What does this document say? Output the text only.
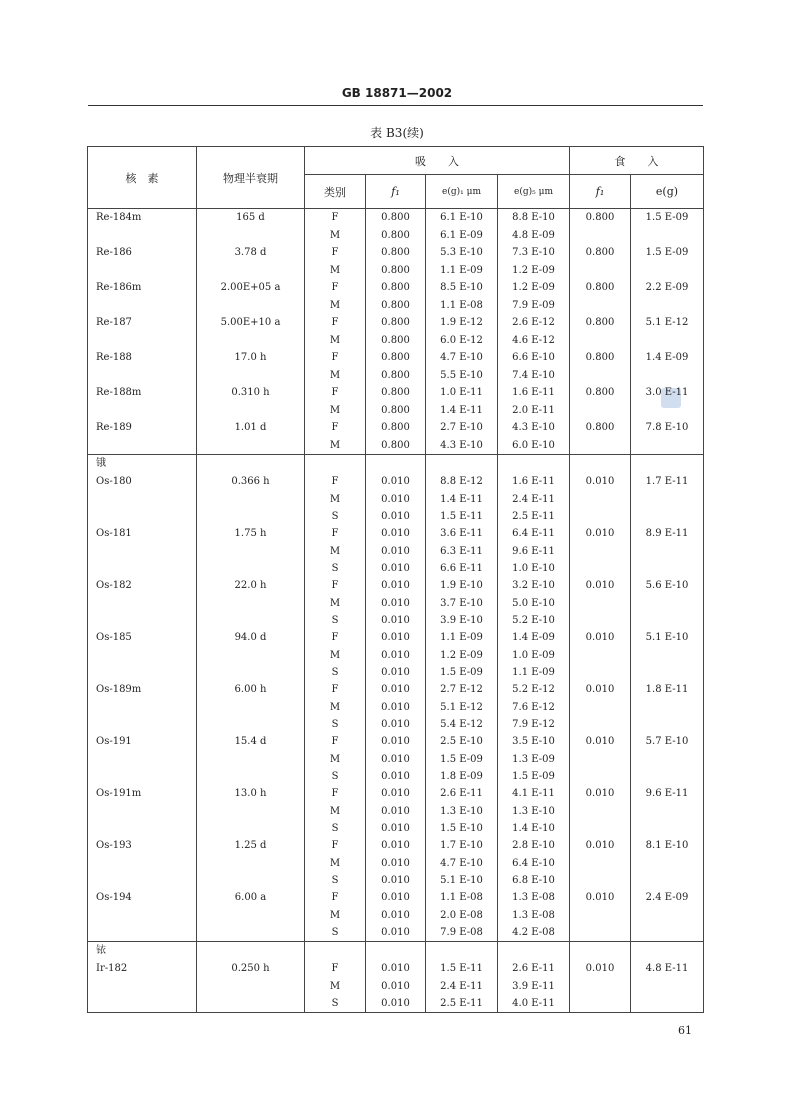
GB 18871—2002
表 B3(续)
核　素	物理半衰期	吸　　入				食　　入	
		类别	f₁	e(g)₁ μm	e(g)₅ μm	f₁	e(g)
Re-184m	165 d	F	0.800	6.1 E-10	8.8 E-10	0.800	1.5 E-09
		M	0.800	6.1 E-09	4.8 E-09		
Re-186	3.78 d	F	0.800	5.3 E-10	7.3 E-10	0.800	1.5 E-09
		M	0.800	1.1 E-09	1.2 E-09		
Re-186m	2.00E+05 a	F	0.800	8.5 E-10	1.2 E-09	0.800	2.2 E-09
		M	0.800	1.1 E-08	7.9 E-09		
Re-187	5.00E+10 a	F	0.800	1.9 E-12	2.6 E-12	0.800	5.1 E-12
		M	0.800	6.0 E-12	4.6 E-12		
Re-188	17.0 h	F	0.800	4.7 E-10	6.6 E-10	0.800	1.4 E-09
		M	0.800	5.5 E-10	7.4 E-10		
Re-188m	0.310 h	F	0.800	1.0 E-11	1.6 E-11	0.800	3.0 E-11
		M	0.800	1.4 E-11	2.0 E-11		
Re-189	1.01 d	F	0.800	2.7 E-10	4.3 E-10	0.800	7.8 E-10
		M	0.800	4.3 E-10	6.0 E-10		
锇							
Os-180	0.366 h	F	0.010	8.8 E-12	1.6 E-11	0.010	1.7 E-11
		M	0.010	1.4 E-11	2.4 E-11		
		S	0.010	1.5 E-11	2.5 E-11		
Os-181	1.75 h	F	0.010	3.6 E-11	6.4 E-11	0.010	8.9 E-11
		M	0.010	6.3 E-11	9.6 E-11		
		S	0.010	6.6 E-11	1.0 E-10		
Os-182	22.0 h	F	0.010	1.9 E-10	3.2 E-10	0.010	5.6 E-10
		M	0.010	3.7 E-10	5.0 E-10		
		S	0.010	3.9 E-10	5.2 E-10		
Os-185	94.0 d	F	0.010	1.1 E-09	1.4 E-09	0.010	5.1 E-10
		M	0.010	1.2 E-09	1.0 E-09		
		S	0.010	1.5 E-09	1.1 E-09		
Os-189m	6.00 h	F	0.010	2.7 E-12	5.2 E-12	0.010	1.8 E-11
		M	0.010	5.1 E-12	7.6 E-12		
		S	0.010	5.4 E-12	7.9 E-12		
Os-191	15.4 d	F	0.010	2.5 E-10	3.5 E-10	0.010	5.7 E-10
		M	0.010	1.5 E-09	1.3 E-09		
		S	0.010	1.8 E-09	1.5 E-09		
Os-191m	13.0 h	F	0.010	2.6 E-11	4.1 E-11	0.010	9.6 E-11
		M	0.010	1.3 E-10	1.3 E-10		
		S	0.010	1.5 E-10	1.4 E-10		
Os-193	1.25 d	F	0.010	1.7 E-10	2.8 E-10	0.010	8.1 E-10
		M	0.010	4.7 E-10	6.4 E-10		
		S	0.010	5.1 E-10	6.8 E-10		
Os-194	6.00 a	F	0.010	1.1 E-08	1.3 E-08	0.010	2.4 E-09
		M	0.010	2.0 E-08	1.3 E-08		
		S	0.010	7.9 E-08	4.2 E-08		
铱							
Ir-182	0.250 h	F	0.010	1.5 E-11	2.6 E-11	0.010	4.8 E-11
		M	0.010	2.4 E-11	3.9 E-11		
		S	0.010	2.5 E-11	4.0 E-11		
61
